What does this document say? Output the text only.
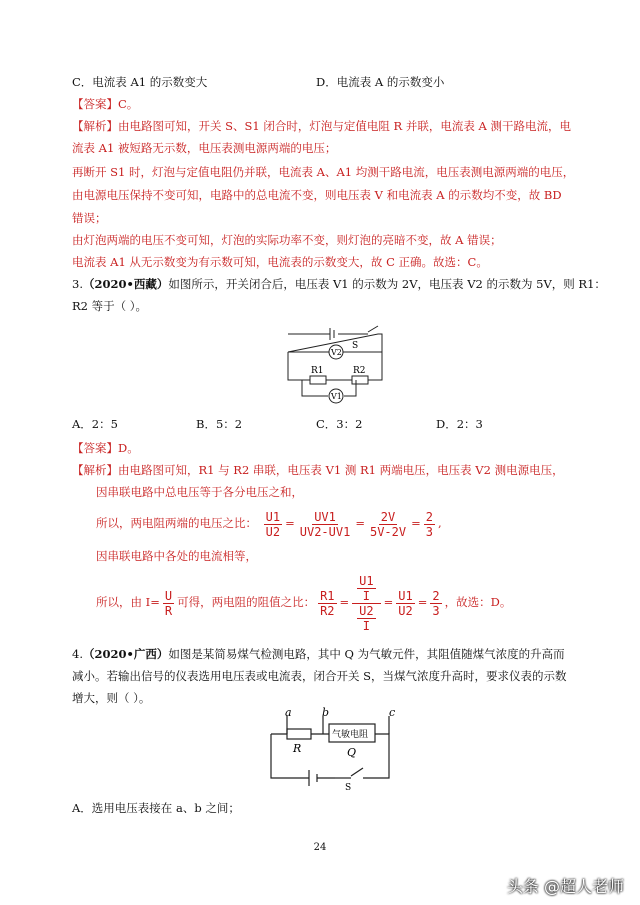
C．电流表 A1 的示数变大	D．电流表 A 的示数变小
【答案】C。
【解析】由电路图可知，开关 S、S1 闭合时，灯泡与定值电阻 R 并联，电流表 A 测干路电流，电
流表 A1 被短路无示数，电压表测电源两端的电压；
再断开 S1 时，灯泡与定值电阻仍并联，电流表 A、A1 均测干路电流，电压表测电源两端的电压，
由电源电压保持不变可知，电路中的总电流不变，则电压表 V 和电流表 A 的示数均不变，故 BD
错误；
由灯泡两端的电压不变可知，灯泡的实际功率不变，则灯泡的亮暗不变，故 A 错误；
电流表 A1 从无示数变为有示数可知，电流表的示数变大，故 C 正确。故选：C。
3.（2020•西藏）如图所示，开关闭合后，电压表 V1 的示数为 2V，电压表 V2 的示数为 5V，则 R1：
R2 等于（ ）。
S
V2
R1	R2
V1
A．2：5	B．5：2	C．3：2	D．2：3
【答案】D。
【解析】由电路图可知，R1 与 R2 串联，电压表 V1 测 R1 两端电压，电压表 V2 测电源电压，
因串联电路中总电压等于各分电压之和，
所以，两电阻两端的电压之比： $\frac{U1}{U2} = \frac{UV1}{UV2-UV1} = \frac{2V}{5V-2V} = \frac{2}{3}$ ,
因串联电路中各处的电流相等，
所以，由 $I= \frac{U}{R}$ 可得，两电阻的阻值之比： $\frac{R1}{R2} = \frac{\frac{U1}{I}}{\frac{U2}{I}} = \frac{U1}{U2} = \frac{2}{3}$ ，故选：D。
4.（2020•广西）如图是某简易煤气检测电路，其中 Q 为气敏元件，其阻值随煤气浓度的升高而
减小。若输出信号的仪表选用电压表或电流表，闭合开关 S，当煤气浓度升高时，要求仪表的示数
增大，则（ ）。
a	b	c
R
气敏电阻
Q
S
A．选用电压表接在 a、b 之间；
24
头条 @超人老师
